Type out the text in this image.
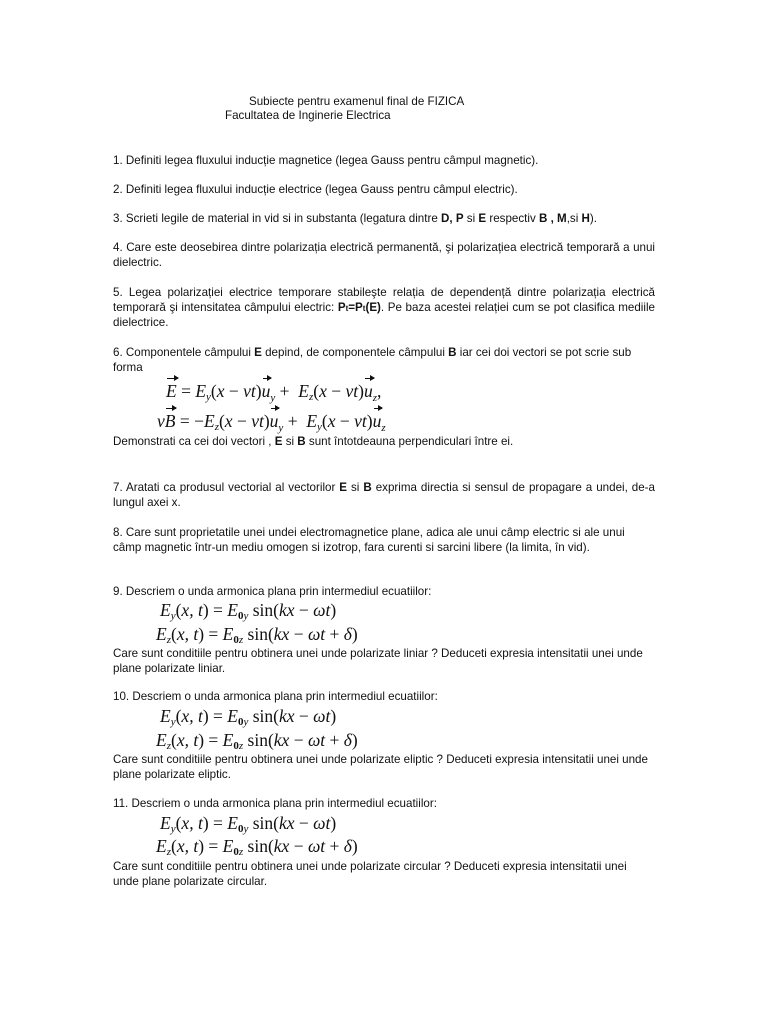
Subiecte pentru examenul final de FIZICA

Facultatea de Inginerie Electrica

1. Definiti legea fluxului inducție magnetice (legea Gauss pentru câmpul magnetic).

2. Definiti legea fluxului inducție electrice (legea Gauss pentru câmpul electric).

3. Scrieti legile de material in vid si in substanta (legatura dintre D, P si E respectiv B , M,si H).

4. Care este deosebirea dintre polarizația electrică permanentă, şi polarizațiea electrică temporară a unui dielectric.

5. Legea polarizației electrice temporare stabileşte relația de dependență dintre polarizația electrică temporară şi intensitatea câmpului electric: Pt=Pt(E). Pe baza acestei relației cum se pot clasifica mediile dielectrice.

6. Componentele câmpului E depind, de componentele câmpului B iar cei doi vectori se pot scrie sub forma

$E = E_y(x - vt)u_y + E_z(x - vt)u_z$,
vB = $-E_z(x - vt)u_y + E_y(x - vt)u_z$

Demonstrati ca cei doi vectori , E si B sunt întotdeauna perpendiculari între ei.

7. Aratati ca produsul vectorial al vectorilor E si B exprima directia si sensul de propagare a undei, de-a lungul axei x.

8. Care sunt proprietatile unei undei electromagnetice plane, adica ale unui câmp electric si ale unui câmp magnetic într-un mediu omogen si izotrop, fara curenti si sarcini libere (la limita, în vid).

9. Descriem o unda armonica plana prin intermediul ecuatiilor:

$E_y(x$, $t) = E_{0y}$ sin(kx − ωt)
$E_z(x$, $t) = E_{0z}$ sin(kx − ωt + δ)

Care sunt conditiile pentru obtinera unei unde polarizate liniar ? Deduceti expresia intensitatii unei unde plane polarizate liniar.

10. Descriem o unda armonica plana prin intermediul ecuatiilor:

$E_y(x$, $t) = E_{0y}$ sin(kx − ωt)
$E_z(x$, $t) = E_{0z}$ sin(kx − ωt + δ)

Care sunt conditiile pentru obtinera unei unde polarizate eliptic ? Deduceti expresia intensitatii unei unde plane polarizate eliptic.

11. Descriem o unda armonica plana prin intermediul ecuatiilor:

$E_y(x$, $t) = E_{0y}$ sin(kx − ωt)
$E_z(x$, $t) = E_{0z}$ sin(kx − ωt + δ)

Care sunt conditiile pentru obtinera unei unde polarizate circular ? Deduceti expresia intensitatii unei unde plane polarizate circular.
